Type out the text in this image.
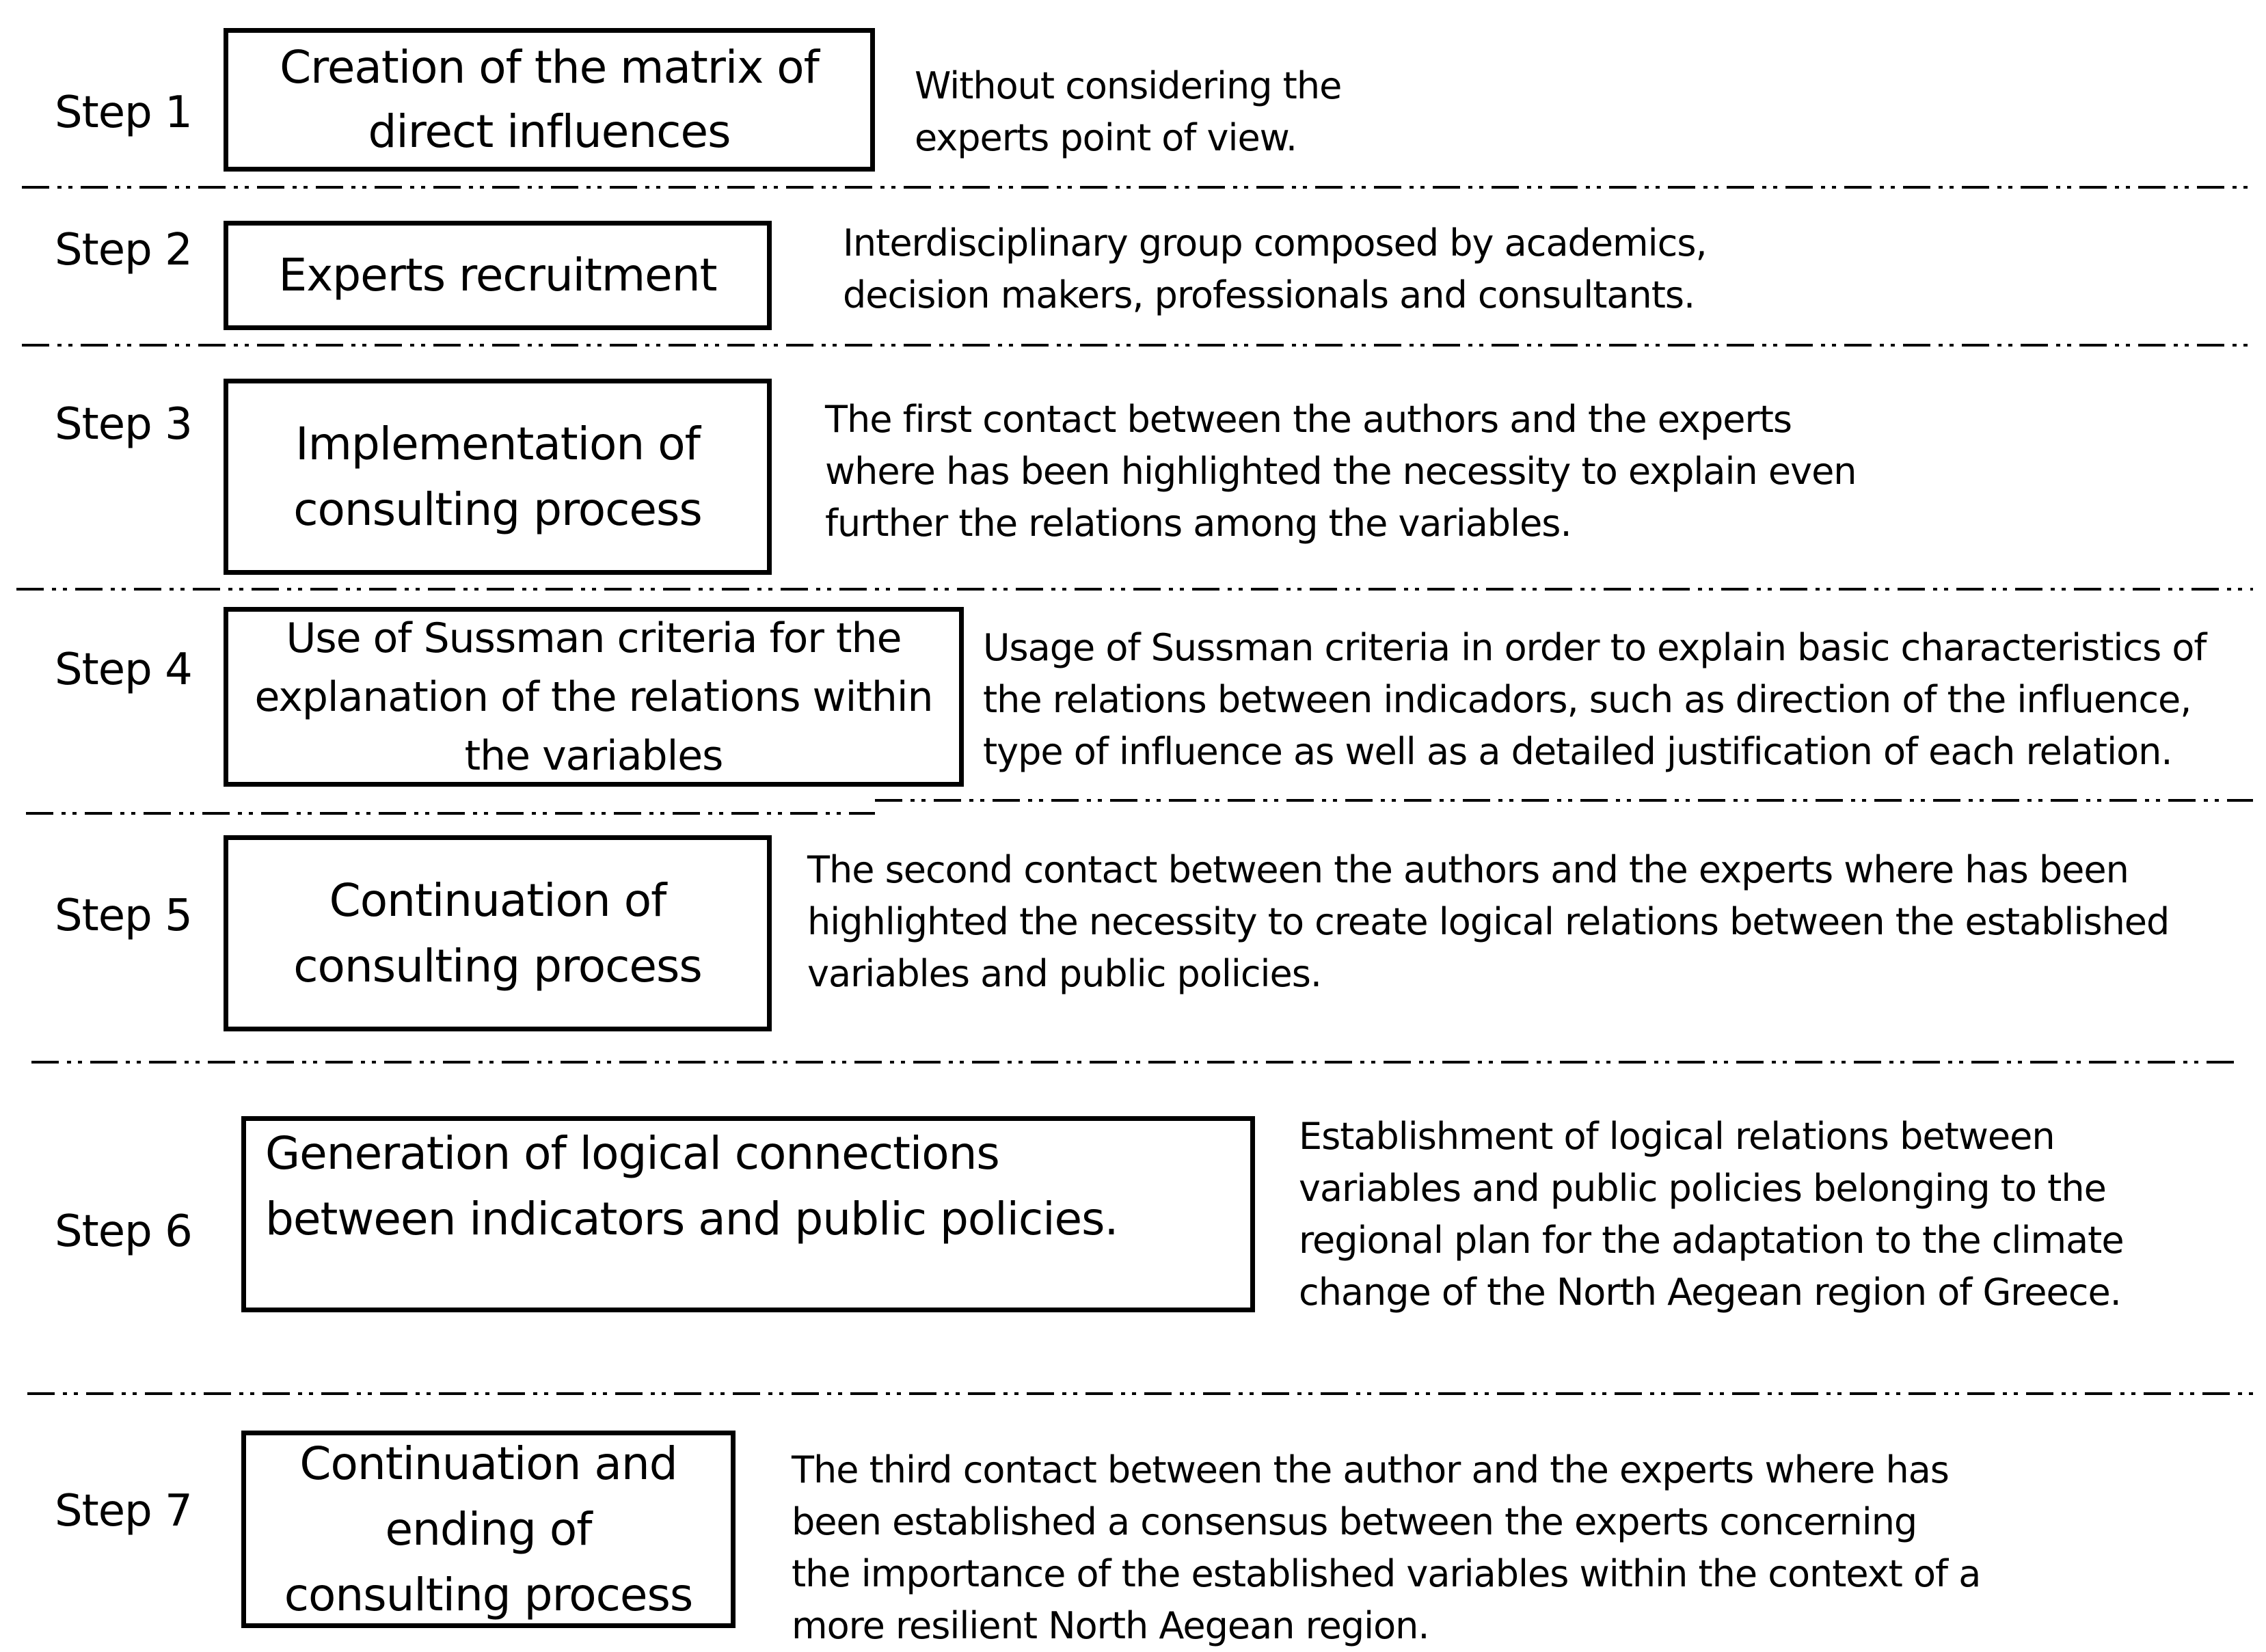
Step 1
Creation of the matrix of
direct influences
Without considering the
experts point of view.
Step 2 Experts recruitment
Interdisciplinary group composed by academics,
decision makers, professionals and consultants.
Step 3 Implementation of
consulting process
The first contact between the authors and the experts
where has been highlighted the necessity to explain even
further the relations among the variables.
Step 4
Use of Sussman criteria for the
explanation of the relations within
the variables
Usage of Sussman criteria in order to explain basic characteristics of
the relations between indicadors, such as direction of the influence,
type of influence as well as a detailed justification of each relation.
Step 5	Continuation of
consulting process
The second contact between the authors and the experts where has been
highlighted the necessity to create logical relations between the established
variables and public policies.
Step 6
Generation of logical connections
between indicators and public policies.
Establishment of logical relations between
variables and public policies belonging to the
regional plan for the adaptation to the climate
change of the North Aegean region of Greece.
Step 7
Continuation and
ending of
consulting process
The third contact between the author and the experts where has
been established a consensus between the experts concerning
the importance of the established variables within the context of a
more resilient North Aegean region.
